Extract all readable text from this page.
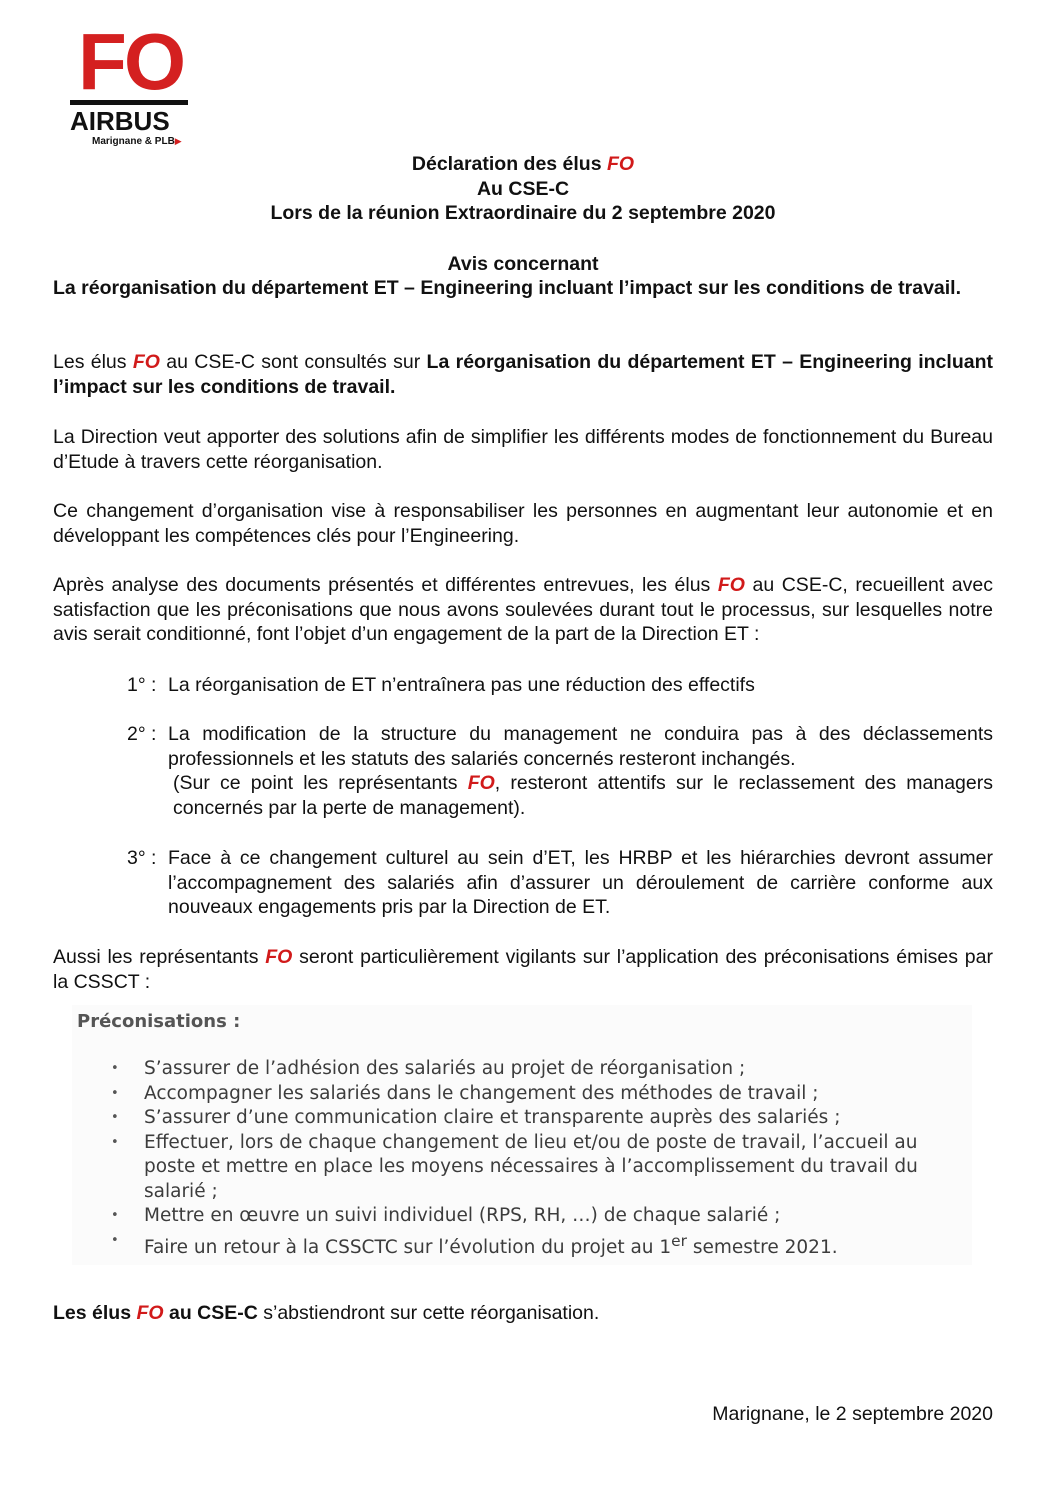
FO
AIRBUS
Marignane & PLB▶
Déclaration des élus FO
Au CSE-C
Lors de la réunion Extraordinaire du 2 septembre 2020
Avis concernant
La réorganisation du département ET – Engineering incluant l’impact sur les conditions de travail.
Les élus FO au CSE-C sont consultés sur La réorganisation du département ET – Engineering incluant l’impact sur les conditions de travail.
La Direction veut apporter des solutions afin de simplifier les différents modes de fonctionnement du Bureau d’Etude à travers cette réorganisation.
Ce changement d’organisation vise à responsabiliser les personnes en augmentant leur autonomie et en développant les compétences clés pour l’Engineering.
Après analyse des documents présentés et différentes entrevues, les élus FO au CSE-C, recueillent avec satisfaction que les préconisations que nous avons soulevées durant tout le processus, sur lesquelles notre avis serait conditionné, font l’objet d’un engagement de la part de la Direction ET :
1° : La réorganisation de ET n’entraînera pas une réduction des effectifs
2° : La modification de la structure du management ne conduira pas à des déclassements professionnels et les statuts des salariés concernés resteront inchangés.
(Sur ce point les représentants FO, resteront attentifs sur le reclassement des managers concernés par la perte de management).
3° : Face à ce changement culturel au sein d’ET, les HRBP et les hiérarchies devront assumer l’accompagnement des salariés afin d’assurer un déroulement de carrière conforme aux nouveaux engagements pris par la Direction de ET.
Aussi les représentants FO seront particulièrement vigilants sur l’application des préconisations émises par la CSSCT :
Préconisations :
• S’assurer de l’adhésion des salariés au projet de réorganisation ;
• Accompagner les salariés dans le changement des méthodes de travail ;
• S’assurer d’une communication claire et transparente auprès des salariés ;
• Effectuer, lors de chaque changement de lieu et/ou de poste de travail, l’accueil au poste et mettre en place les moyens nécessaires à l’accomplissement du travail du salarié ;
• Mettre en œuvre un suivi individuel (RPS, RH, …) de chaque salarié ;
• Faire un retour à la CSSCTC sur l’évolution du projet au 1er semestre 2021.
Les élus FO au CSE-C s’abstiendront sur cette réorganisation.
Marignane, le 2 septembre 2020
